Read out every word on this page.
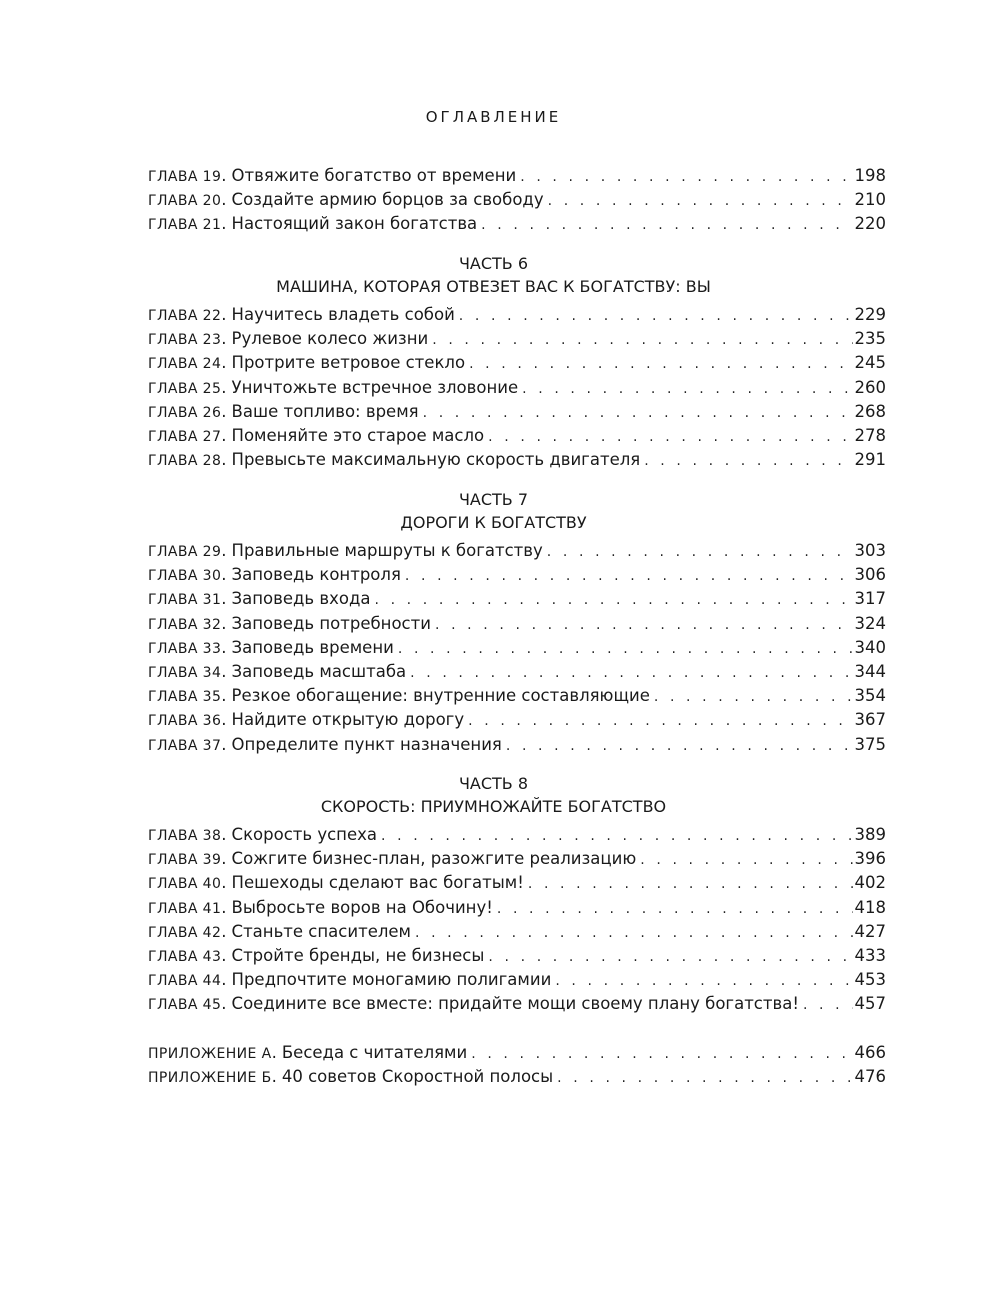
ОГЛАВЛЕНИЕ
ГЛАВА 19 . Отвяжите богатство от времени . . .	198
ГЛАВА 20 . Создайте армию борцов за свободу . . .	210
ГЛАВА 21 . Настоящий закон богатства . . .	220
ЧАСТЬ 6
МАШИНА, КОТОРАЯ ОТВЕЗЕТ ВАС К БОГАТСТВУ: ВЫ
ГЛАВА 22 . Научитесь владеть собой . . .	229
ГЛАВА 23 . Рулевое колесо жизни . . .	235
ГЛАВА 24 . Протрите ветровое стекло . . .	245
ГЛАВА 25 . Уничтожьте встречное зловоние . . .	260
ГЛАВА 26 . Ваше топливо: время . . .	268
ГЛАВА 27 . Поменяйте это старое масло . . .	278
ГЛАВА 28 . Превысьте максимальную скорость двигателя . . .	291
ЧАСТЬ 7
ДОРОГИ К БОГАТСТВУ
ГЛАВА 29 . Правильные маршруты к богатству . . .	303
ГЛАВА 30 . Заповедь контроля . . .	306
ГЛАВА 31 . Заповедь входа . . .	317
ГЛАВА 32 . Заповедь потребности . . .	324
ГЛАВА 33 . Заповедь времени . . .	340
ГЛАВА 34 . Заповедь масштаба . . .	344
ГЛАВА 35 . Резкое обогащение: внутренние составляющие . . .	354
ГЛАВА 36 . Найдите открытую дорогу . . .	367
ГЛАВА 37 . Определите пункт назначения . . .	375
ЧАСТЬ 8
СКОРОСТЬ: ПРИУМНОЖАЙТЕ БОГАТСТВО
ГЛАВА 38 . Скорость успеха . . .	389
ГЛАВА 39 . Сожгите бизнес-план, разожгите реализацию . . .	396
ГЛАВА 40 . Пешеходы сделают вас богатым! . . .	402
ГЛАВА 41 . Выбросьте воров на Обочину! . . .	418
ГЛАВА 42 . Станьте спасителем . . .	427
ГЛАВА 43 . Стройте бренды, не бизнесы . . .	433
ГЛАВА 44 . Предпочтите моногамию полигамии . . .	453
ГЛАВА 45 . Соедините все вместе: придайте мощи своему плану богатства! . . .	457
ПРИЛОЖЕНИЕ А . Беседа с читателями . . .	466
ПРИЛОЖЕНИЕ Б . 40 советов Скоростной полосы . . .	476
